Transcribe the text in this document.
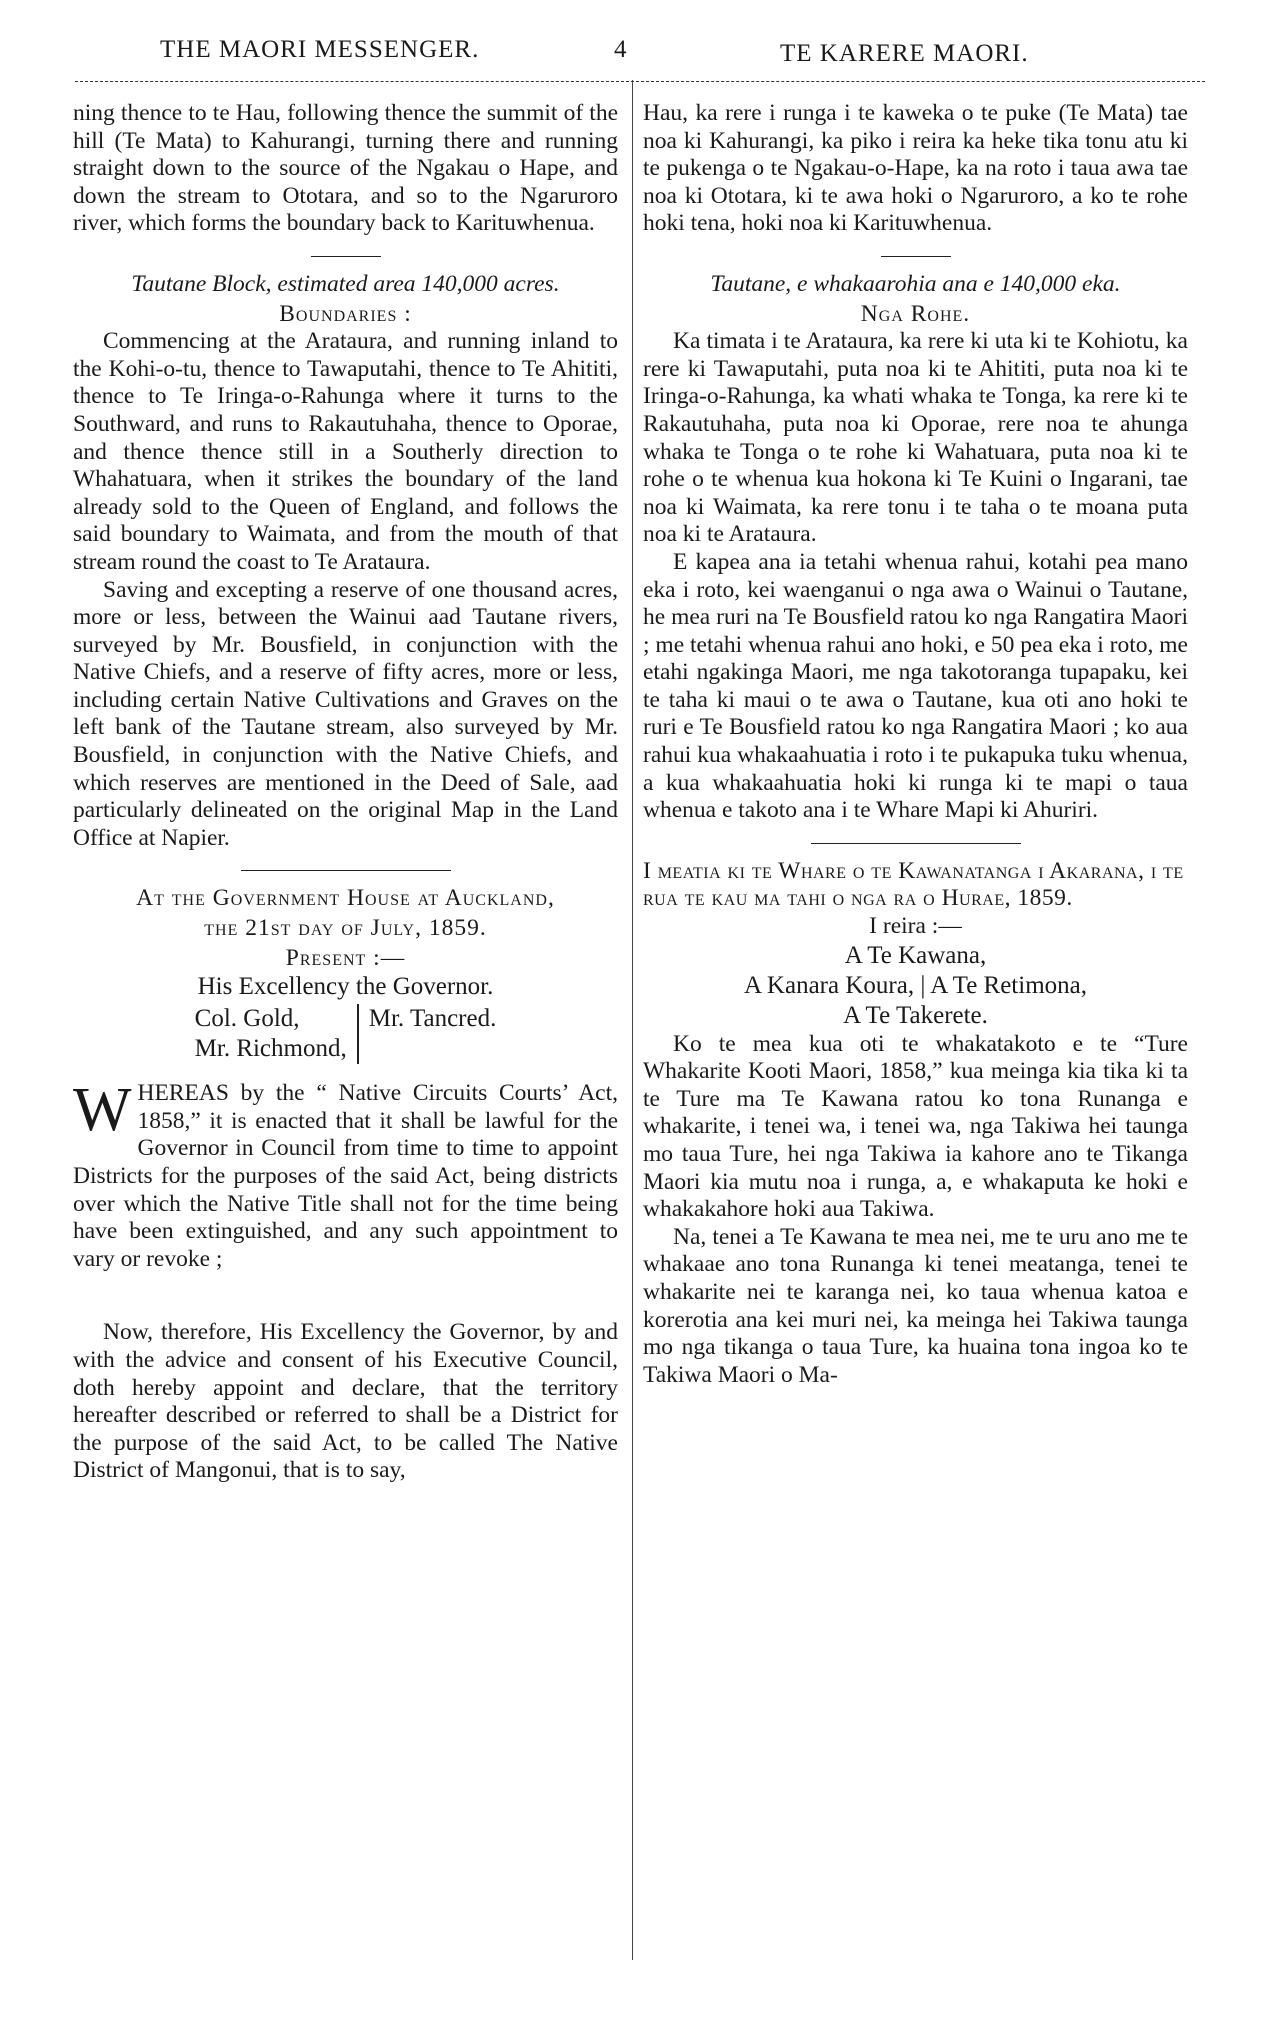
THE MAORI MESSENGER.	4	TE KARERE MAORI.

ning thence to te Hau, following thence the summit of the hill (Te Mata) to Kahurangi, turning there and running straight down to the source of the Ngakau o Hape, and down the stream to Ototara, and so to the Ngaruroro river, which forms the boundary back to Karituwhenua.

Tautane Block, estimated area 140,000 acres.

Boundaries :

Commencing at the Arataura, and running inland to the Kohi-o-tu, thence to Tawaputahi, thence to Te Ahititi, thence to Te Iringa-o-Rahunga where it turns to the Southward, and runs to Rakautuhaha, thence to Oporae, and thence thence still in a Southerly direction to Whahatuara, when it strikes the boundary of the land already sold to the Queen of England, and follows the said boundary to Waimata, and from the mouth of that stream round the coast to Te Arataura.

Saving and excepting a reserve of one thousand acres, more or less, between the Wainui aad Tautane rivers, surveyed by Mr. Bousfield, in conjunction with the Native Chiefs, and a reserve of fifty acres, more or less, including certain Native Cultivations and Graves on the left bank of the Tautane stream, also surveyed by Mr. Bousfield, in conjunction with the Native Chiefs, and which reserves are mentioned in the Deed of Sale, aad particularly delineated on the original Map in the Land Office at Napier.

At the Government House at Auckland,

the 21st day of July, 1859.

Present :—

His Excellency the Governor.

Col. Gold,
Mr. Richmond,
Mr. Tancred.

WHEREAS by the “ Native Circuits Courts’ Act, 1858,” it is enacted that it shall be lawful for the Governor in Council from time to time to appoint Districts for the purposes of the said Act, being districts over which the Native Title shall not for the time being have been extinguished, and any such appointment to vary or revoke ;

Now, therefore, His Excellency the Governor, by and with the advice and consent of his Executive Council, doth hereby appoint and declare, that the territory hereafter described or referred to shall be a District for the purpose of the said Act, to be called The Native District of Mangonui, that is to say,

Hau, ka rere i runga i te kaweka o te puke (Te Mata) tae noa ki Kahurangi, ka piko i reira ka heke tika tonu atu ki te pukenga o te Ngakau-o-Hape, ka na roto i taua awa tae noa ki Ototara, ki te awa hoki o Ngaruroro, a ko te rohe hoki tena, hoki noa ki Karituwhenua.

Tautane, e whakaarohia ana e 140,000 eka.

Nga Rohe.

Ka timata i te Arataura, ka rere ki uta ki te Kohiotu, ka rere ki Tawaputahi, puta noa ki te Ahititi, puta noa ki te Iringa-o-Rahunga, ka whati whaka te Tonga, ka rere ki te Rakautuhaha, puta noa ki Oporae, rere noa te ahunga whaka te Tonga o te rohe ki Wahatuara, puta noa ki te rohe o te whenua kua hokona ki Te Kuini o Ingarani, tae noa ki Waimata, ka rere tonu i te taha o te moana puta noa ki te Arataura.

E kapea ana ia tetahi whenua rahui, kotahi pea mano eka i roto, kei waenganui o nga awa o Wainui o Tautane, he mea ruri na Te Bousfield ratou ko nga Rangatira Maori ; me tetahi whenua rahui ano hoki, e 50 pea eka i roto, me etahi ngakinga Maori, me nga takotoranga tupapaku, kei te taha ki maui o te awa o Tautane, kua oti ano hoki te ruri e Te Bousfield ratou ko nga Rangatira Maori ; ko aua rahui kua whakaahuatia i roto i te pukapuka tuku whenua, a kua whakaahuatia hoki ki runga ki te mapi o taua whenua e takoto ana i te Whare Mapi ki Ahuriri.

I meatia ki te Whare o te Kawanatanga i Akarana, i te rua te kau ma tahi o nga ra o Hurae, 1859.

I reira :—

A Te Kawana,

A Kanara Koura, | A Te Retimona,

A Te Takerete.

Ko te mea kua oti te whakatakoto e te “Ture Whakarite Kooti Maori, 1858,” kua meinga kia tika ki ta te Ture ma Te Kawana ratou ko tona Runanga e whakarite, i tenei wa, i tenei wa, nga Takiwa hei taunga mo taua Ture, hei nga Takiwa ia kahore ano te Tikanga Maori kia mutu noa i runga, a, e whakaputa ke hoki e whakakahore hoki aua Takiwa.

Na, tenei a Te Kawana te mea nei, me te uru ano me te whakaae ano tona Runanga ki tenei meatanga, tenei te whakarite nei te karanga nei, ko taua whenua katoa e korerotia ana kei muri nei, ka meinga hei Takiwa taunga mo nga tikanga o taua Ture, ka huaina tona ingoa ko te Takiwa Maori o Ma-
